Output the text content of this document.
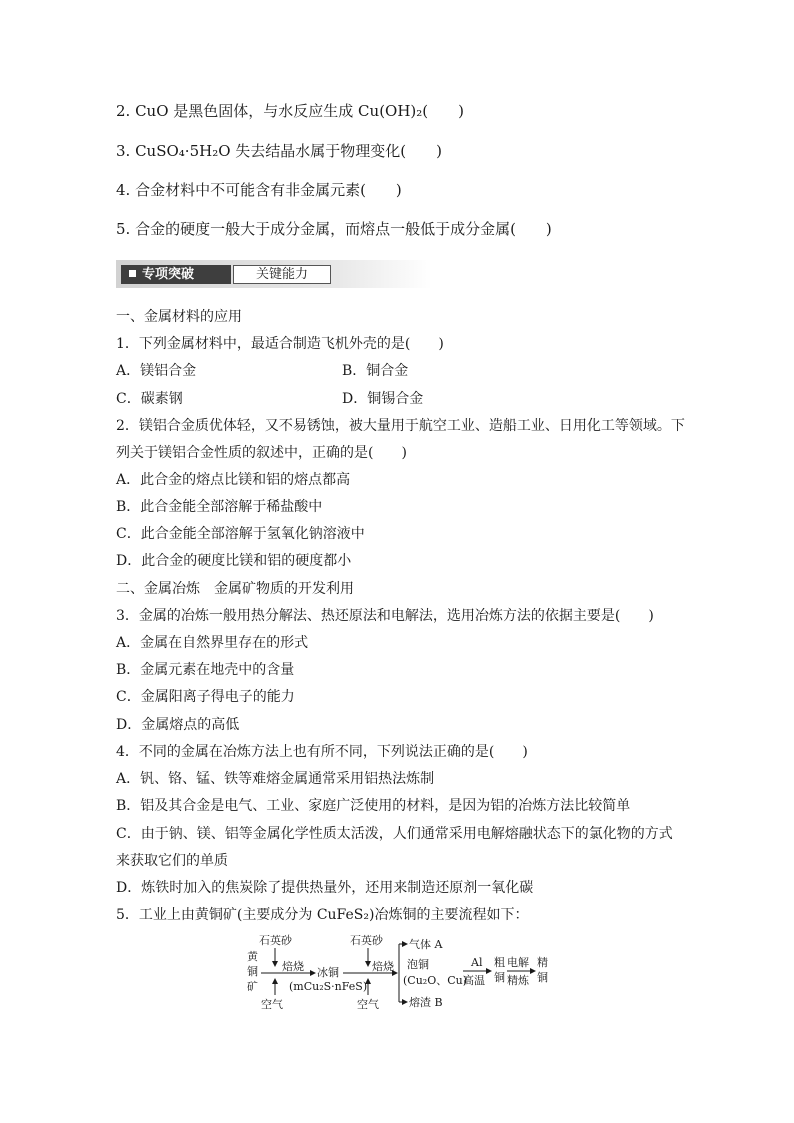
2. CuO 是黑色固体，与水反应生成 Cu(OH)₂(　　)
3. CuSO₄·5H₂O 失去结晶水属于物理变化(　　)
4. 合金材料中不可能含有非金属元素(　　)
5. 合金的硬度一般大于成分金属，而熔点一般低于成分金属(　　)
专项突破	关键能力
一、金属材料的应用
1．下列金属材料中，最适合制造飞机外壳的是(　　)
A．镁铝合金	B．铜合金
C．碳素钢	D．铜锡合金
2．镁铝合金质优体轻，又不易锈蚀，被大量用于航空工业、造船工业、日用化工等领域。下
列关于镁铝合金性质的叙述中，正确的是(　　)
A．此合金的熔点比镁和铝的熔点都高
B．此合金能全部溶解于稀盐酸中
C．此合金能全部溶解于氢氧化钠溶液中
D．此合金的硬度比镁和铝的硬度都小
二、金属冶炼　金属矿物质的开发利用
3．金属的冶炼一般用热分解法、热还原法和电解法，选用冶炼方法的依据主要是(　　)
A．金属在自然界里存在的形式
B．金属元素在地壳中的含量
C．金属阳离子得电子的能力
D．金属熔点的高低
4．不同的金属在冶炼方法上也有所不同，下列说法正确的是(　　)
A．钒、铬、锰、铁等难熔金属通常采用铝热法炼制
B．铝及其合金是电气、工业、家庭广泛使用的材料，是因为铝的冶炼方法比较简单
C．由于钠、镁、铝等金属化学性质太活泼，人们通常采用电解熔融状态下的氯化物的方式
来获取它们的单质
D．炼铁时加入的焦炭除了提供热量外，还用来制造还原剂一氧化碳
5．工业上由黄铜矿(主要成分为 CuFeS₂)冶炼铜的主要流程如下：
石英砂
黄
铜
矿
焙烧
空气
冰铜
(mCu₂S·nFeS)
石英砂
焙烧
空气
气体 A
泡铜
(Cu₂O、Cu)
熔渣 B
Al
高温
粗
铜
电解
精炼
精
铜
